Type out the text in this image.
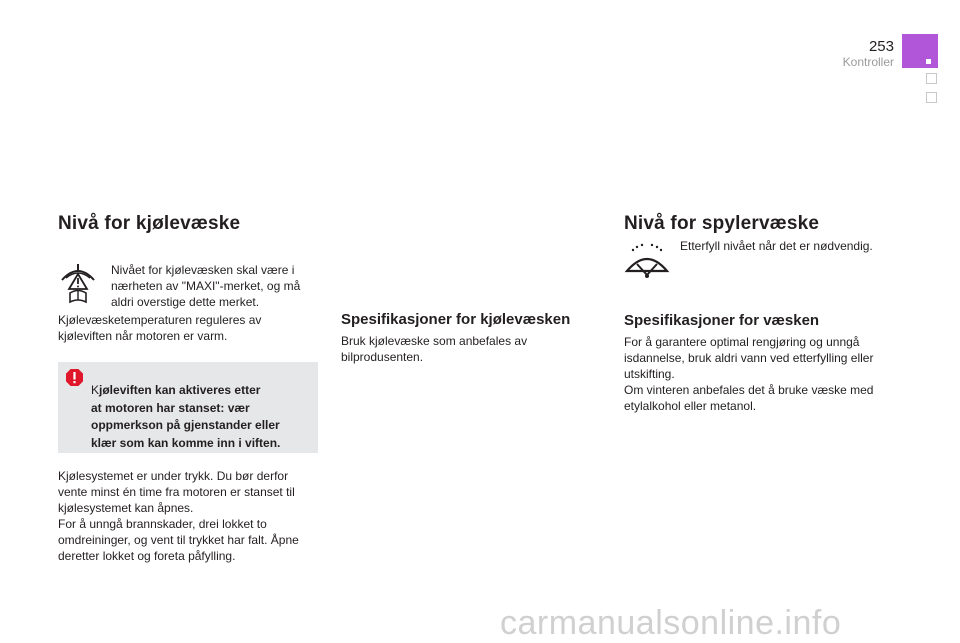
253
Kontroller
Nivå for kjølevæske

Nivået for kjølevæsken skal være i
nærheten av "MAXI"-merket, og må
aldri overstige dette merket.

Kjølevæsketemperaturen reguleres av
kjøleviften når motoren er varm.

Kjøleviften kan aktiveres etter
at motoren har stanset: vær
oppmerkson på gjenstander eller
klær som kan komme inn i viften.

Kjølesystemet er under trykk. Du bør derfor
vente minst én time fra motoren er stanset til
kjølesystemet kan åpnes.
For å unngå brannskader, drei lokket to
omdreininger, og vent til trykket har falt. Åpne
deretter lokket og foreta påfylling.

Spesifikasjoner for kjølevæsken

Bruk kjølevæske som anbefales av
bilprodusenten.

Nivå for spylervæske

Etterfyll nivået når det er nødvendig.

Spesifikasjoner for væsken

For å garantere optimal rengjøring og unngå
isdannelse, bruk aldri vann ved etterfylling eller
utskifting.
Om vinteren anbefales det å bruke væske med
etylalkohol eller metanol.

carmanualsonline.info
